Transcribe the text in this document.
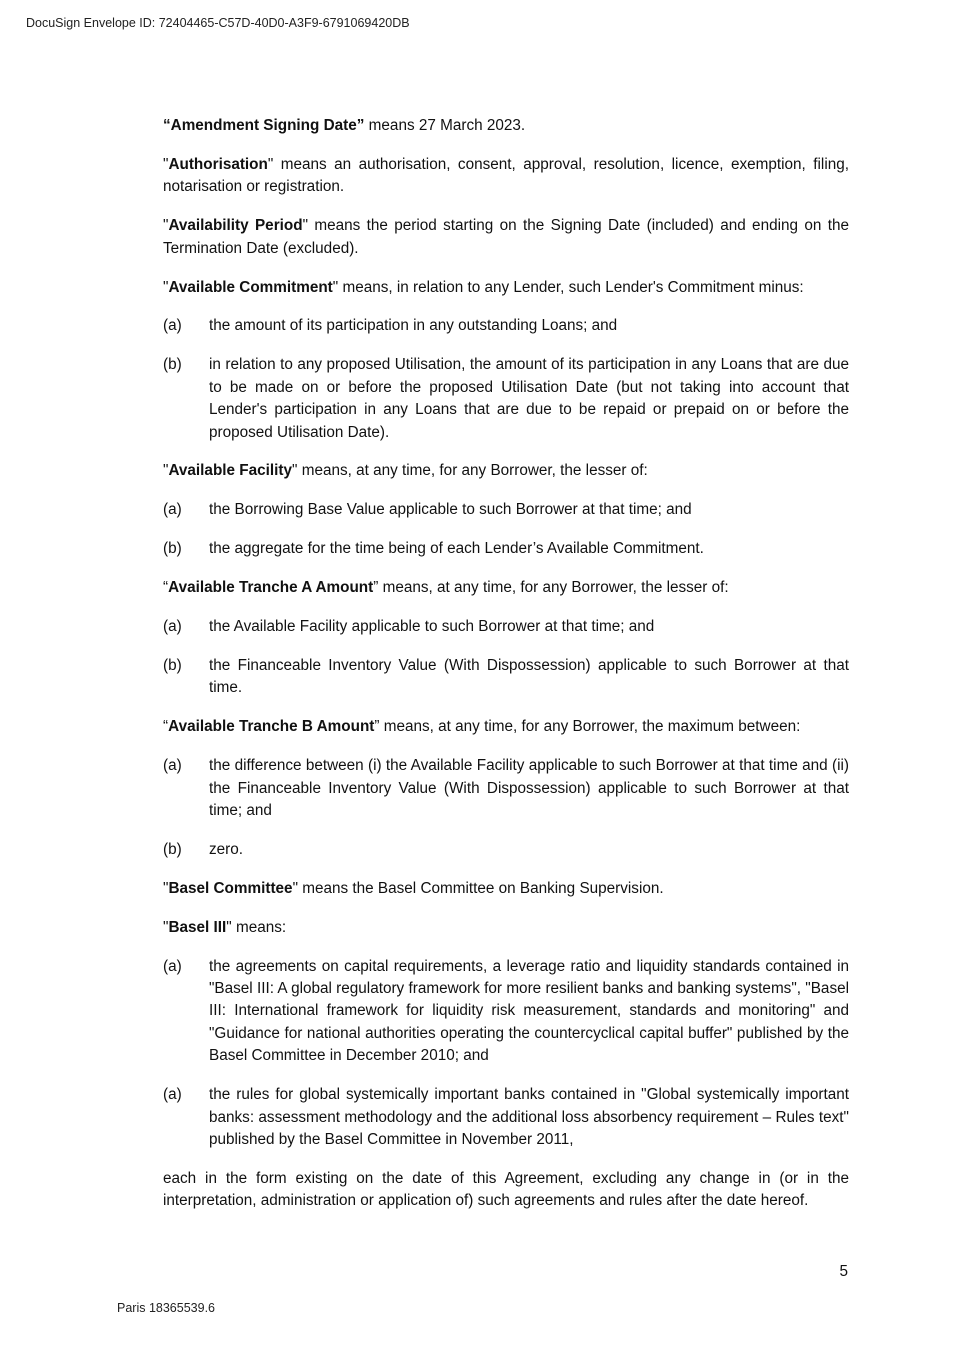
DocuSign Envelope ID: 72404465-C57D-40D0-A3F9-6791069420DB

“Amendment Signing Date” means 27 March 2023.

"Authorisation" means an authorisation, consent, approval, resolution, licence, exemption, filing, notarisation or registration.

"Availability Period" means the period starting on the Signing Date (included) and ending on the Termination Date (excluded).

"Available Commitment" means, in relation to any Lender, such Lender's Commitment minus:

(a)	the amount of its participation in any outstanding Loans; and
(b)	in relation to any proposed Utilisation, the amount of its participation in any Loans that are due to be made on or before the proposed Utilisation Date (but not taking into account that Lender's participation in any Loans that are due to be repaid or prepaid on or before the proposed Utilisation Date).

"Available Facility" means, at any time, for any Borrower, the lesser of:

(a)	the Borrowing Base Value applicable to such Borrower at that time; and
(b)	the aggregate for the time being of each Lender’s Available Commitment.

“Available Tranche A Amount” means, at any time, for any Borrower, the lesser of:

(a)	the Available Facility applicable to such Borrower at that time; and
(b)	the Financeable Inventory Value (With Dispossession) applicable to such Borrower at that time.

“Available Tranche B Amount” means, at any time, for any Borrower, the maximum between:

(a)	the difference between (i) the Available Facility applicable to such Borrower at that time and (ii) the Financeable Inventory Value (With Dispossession) applicable to such Borrower at that time; and
(b)	zero.

"Basel Committee" means the Basel Committee on Banking Supervision.

"Basel III" means:

(a)	the agreements on capital requirements, a leverage ratio and liquidity standards contained in "Basel III: A global regulatory framework for more resilient banks and banking systems", "Basel III: International framework for liquidity risk measurement, standards and monitoring" and "Guidance for national authorities operating the countercyclical capital buffer" published by the Basel Committee in December 2010; and
(a)	the rules for global systemically important banks contained in "Global systemically important banks: assessment methodology and the additional loss absorbency requirement – Rules text" published by the Basel Committee in November 2011,

each in the form existing on the date of this Agreement, excluding any change in (or in the interpretation, administration or application of) such agreements and rules after the date hereof.

5
Paris 18365539.6
